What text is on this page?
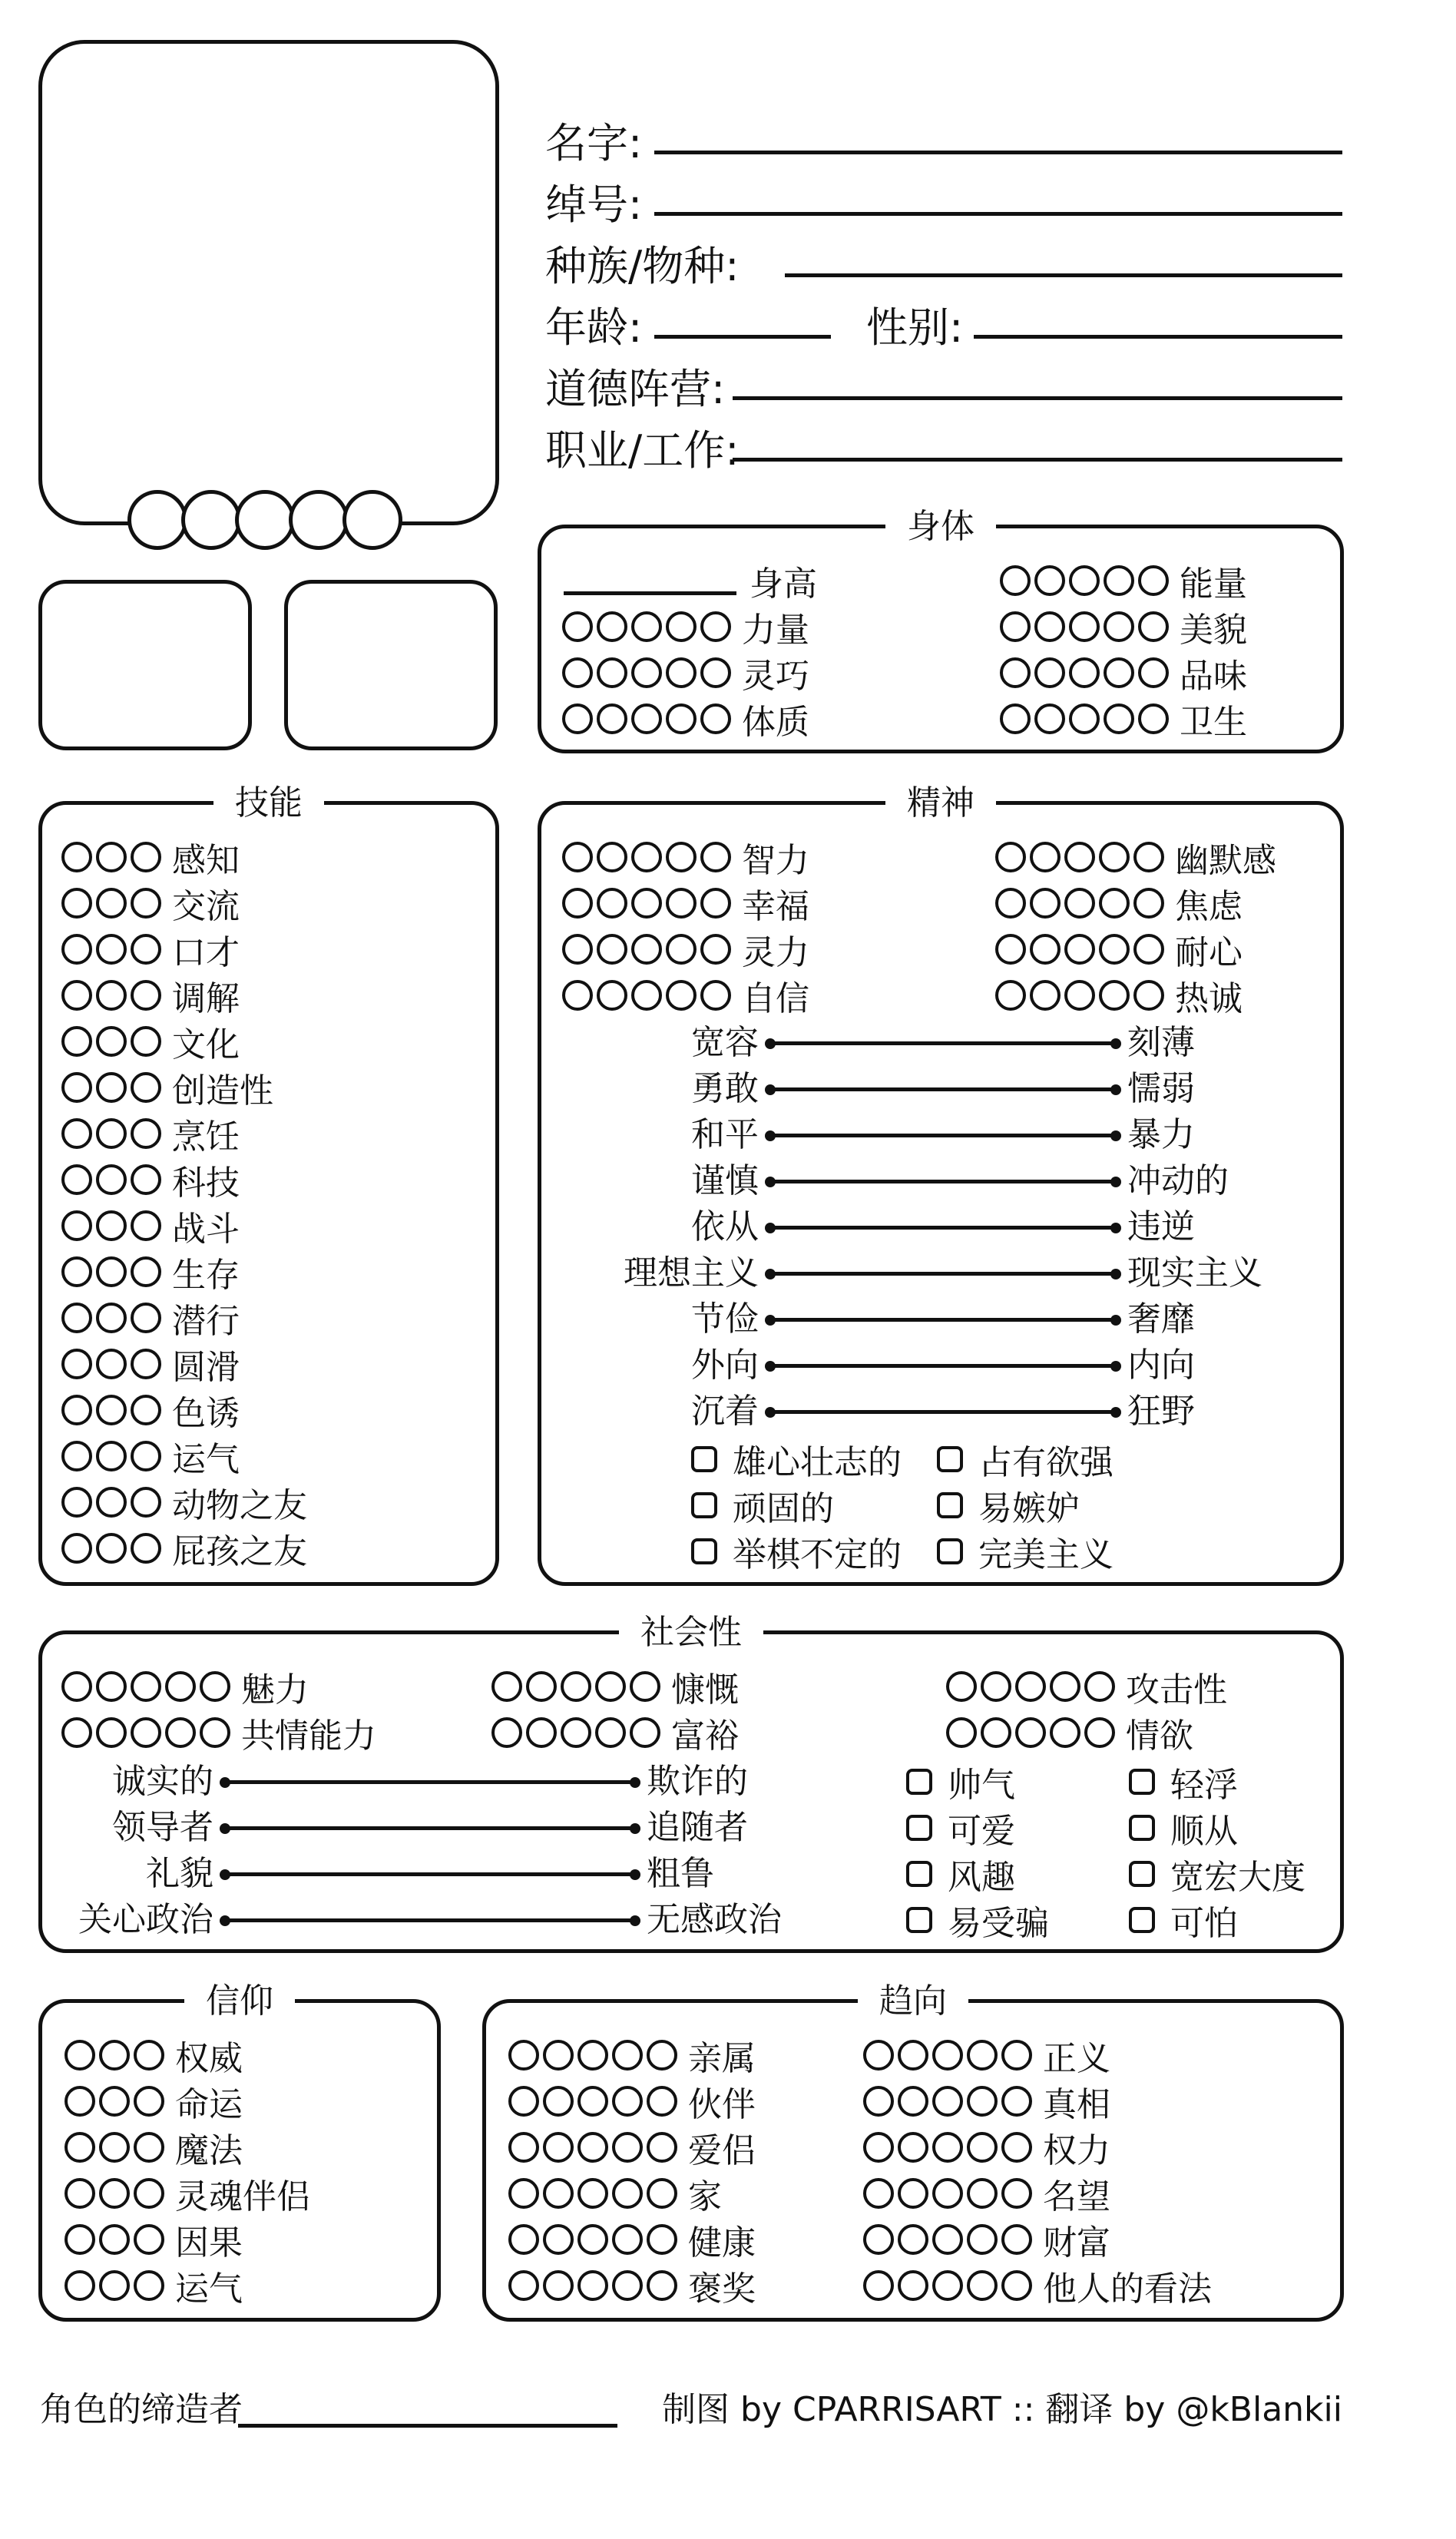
名字:
绰号:
种族/物种:
年龄:	性别:
道德阵营:
职业/工作:
身体
身高
力量
灵巧
体质
能量
美貌
品味
卫生
技能
感知
交流
口才
调解
文化
创造性
烹饪
科技
战斗
生存
潜行
圆滑
色诱
运气
动物之友
屁孩之友
精神
智力
幸福
灵力
自信
幽默感
焦虑
耐心
热诚
宽容	刻薄
勇敢	懦弱
和平	暴力
谨慎	冲动的
依从	违逆
理想主义	现实主义
节俭	奢靡
外向	内向
沉着	狂野
雄心壮志的
顽固的
举棋不定的
占有欲强
易嫉妒
完美主义
社会性
魅力
共情能力
慷慨
富裕
攻击性
情欲
诚实的	欺诈的
领导者	追随者
礼貌	粗鲁
关心政治	无感政治
帅气
可爱
风趣
易受骗
轻浮
顺从
宽宏大度
可怕
信仰
权威
命运
魔法
灵魂伴侣
因果
运气
趋向
亲属
伙伴
爱侣
家
健康
褒奖
正义
真相
权力
名望
财富
他人的看法
角色的缔造者	制图 by CPARRISART :: 翻译 by @kBlankii
